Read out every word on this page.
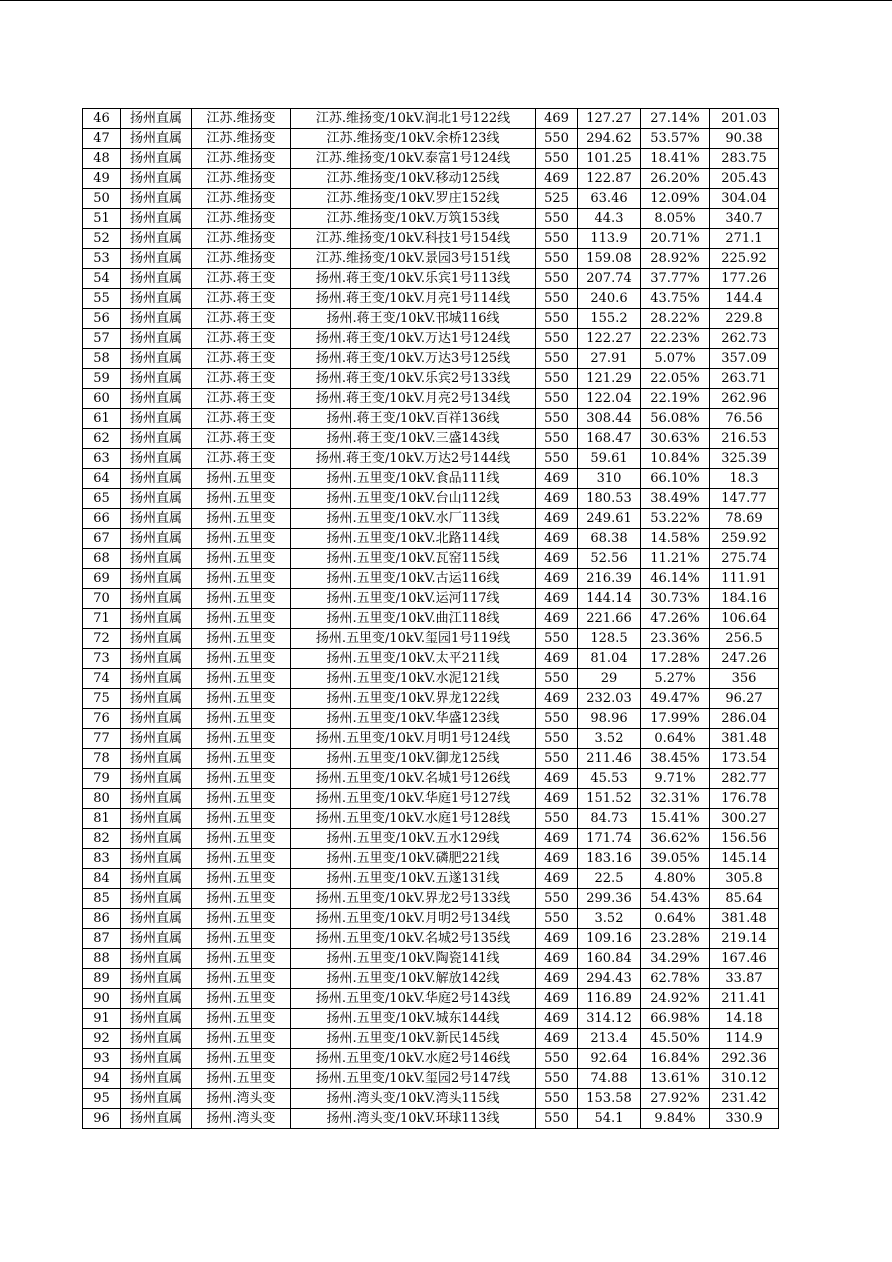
46	扬州直属	江苏.维扬变	江苏.维扬变/10kV.润北1号122线	469	127.27	27.14%	201.03
47	扬州直属	江苏.维扬变	江苏.维扬变/10kV.余桥123线	550	294.62	53.57%	90.38
48	扬州直属	江苏.维扬变	江苏.维扬变/10kV.泰富1号124线	550	101.25	18.41%	283.75
49	扬州直属	江苏.维扬变	江苏.维扬变/10kV.移动125线	469	122.87	26.20%	205.43
50	扬州直属	江苏.维扬变	江苏.维扬变/10kV.罗庄152线	525	63.46	12.09%	304.04
51	扬州直属	江苏.维扬变	江苏.维扬变/10kV.万筑153线	550	44.3	8.05%	340.7
52	扬州直属	江苏.维扬变	江苏.维扬变/10kV.科技1号154线	550	113.9	20.71%	271.1
53	扬州直属	江苏.维扬变	江苏.维扬变/10kV.景园3号151线	550	159.08	28.92%	225.92
54	扬州直属	江苏.蒋王变	扬州.蒋王变/10kV.乐宾1号113线	550	207.74	37.77%	177.26
55	扬州直属	江苏.蒋王变	扬州.蒋王变/10kV.月亮1号114线	550	240.6	43.75%	144.4
56	扬州直属	江苏.蒋王变	扬州.蒋王变/10kV.邗城116线	550	155.2	28.22%	229.8
57	扬州直属	江苏.蒋王变	扬州.蒋王变/10kV.万达1号124线	550	122.27	22.23%	262.73
58	扬州直属	江苏.蒋王变	扬州.蒋王变/10kV.万达3号125线	550	27.91	5.07%	357.09
59	扬州直属	江苏.蒋王变	扬州.蒋王变/10kV.乐宾2号133线	550	121.29	22.05%	263.71
60	扬州直属	江苏.蒋王变	扬州.蒋王变/10kV.月亮2号134线	550	122.04	22.19%	262.96
61	扬州直属	江苏.蒋王变	扬州.蒋王变/10kV.百祥136线	550	308.44	56.08%	76.56
62	扬州直属	江苏.蒋王变	扬州.蒋王变/10kV.三盛143线	550	168.47	30.63%	216.53
63	扬州直属	江苏.蒋王变	扬州.蒋王变/10kV.万达2号144线	550	59.61	10.84%	325.39
64	扬州直属	扬州.五里变	扬州.五里变/10kV.食品111线	469	310	66.10%	18.3
65	扬州直属	扬州.五里变	扬州.五里变/10kV.台山112线	469	180.53	38.49%	147.77
66	扬州直属	扬州.五里变	扬州.五里变/10kV.水厂113线	469	249.61	53.22%	78.69
67	扬州直属	扬州.五里变	扬州.五里变/10kV.北路114线	469	68.38	14.58%	259.92
68	扬州直属	扬州.五里变	扬州.五里变/10kV.瓦窑115线	469	52.56	11.21%	275.74
69	扬州直属	扬州.五里变	扬州.五里变/10kV.古运116线	469	216.39	46.14%	111.91
70	扬州直属	扬州.五里变	扬州.五里变/10kV.运河117线	469	144.14	30.73%	184.16
71	扬州直属	扬州.五里变	扬州.五里变/10kV.曲江118线	469	221.66	47.26%	106.64
72	扬州直属	扬州.五里变	扬州.五里变/10kV.玺园1号119线	550	128.5	23.36%	256.5
73	扬州直属	扬州.五里变	扬州.五里变/10kV.太平211线	469	81.04	17.28%	247.26
74	扬州直属	扬州.五里变	扬州.五里变/10kV.水泥121线	550	29	5.27%	356
75	扬州直属	扬州.五里变	扬州.五里变/10kV.界龙122线	469	232.03	49.47%	96.27
76	扬州直属	扬州.五里变	扬州.五里变/10kV.华盛123线	550	98.96	17.99%	286.04
77	扬州直属	扬州.五里变	扬州.五里变/10kV.月明1号124线	550	3.52	0.64%	381.48
78	扬州直属	扬州.五里变	扬州.五里变/10kV.御龙125线	550	211.46	38.45%	173.54
79	扬州直属	扬州.五里变	扬州.五里变/10kV.名城1号126线	469	45.53	9.71%	282.77
80	扬州直属	扬州.五里变	扬州.五里变/10kV.华庭1号127线	469	151.52	32.31%	176.78
81	扬州直属	扬州.五里变	扬州.五里变/10kV.水庭1号128线	550	84.73	15.41%	300.27
82	扬州直属	扬州.五里变	扬州.五里变/10kV.五水129线	469	171.74	36.62%	156.56
83	扬州直属	扬州.五里变	扬州.五里变/10kV.磷肥221线	469	183.16	39.05%	145.14
84	扬州直属	扬州.五里变	扬州.五里变/10kV.五遂131线	469	22.5	4.80%	305.8
85	扬州直属	扬州.五里变	扬州.五里变/10kV.界龙2号133线	550	299.36	54.43%	85.64
86	扬州直属	扬州.五里变	扬州.五里变/10kV.月明2号134线	550	3.52	0.64%	381.48
87	扬州直属	扬州.五里变	扬州.五里变/10kV.名城2号135线	469	109.16	23.28%	219.14
88	扬州直属	扬州.五里变	扬州.五里变/10kV.陶瓷141线	469	160.84	34.29%	167.46
89	扬州直属	扬州.五里变	扬州.五里变/10kV.解放142线	469	294.43	62.78%	33.87
90	扬州直属	扬州.五里变	扬州.五里变/10kV.华庭2号143线	469	116.89	24.92%	211.41
91	扬州直属	扬州.五里变	扬州.五里变/10kV.城东144线	469	314.12	66.98%	14.18
92	扬州直属	扬州.五里变	扬州.五里变/10kV.新民145线	469	213.4	45.50%	114.9
93	扬州直属	扬州.五里变	扬州.五里变/10kV.水庭2号146线	550	92.64	16.84%	292.36
94	扬州直属	扬州.五里变	扬州.五里变/10kV.玺园2号147线	550	74.88	13.61%	310.12
95	扬州直属	扬州.湾头变	扬州.湾头变/10kV.湾头115线	550	153.58	27.92%	231.42
96	扬州直属	扬州.湾头变	扬州.湾头变/10kV.环球113线	550	54.1	9.84%	330.9
